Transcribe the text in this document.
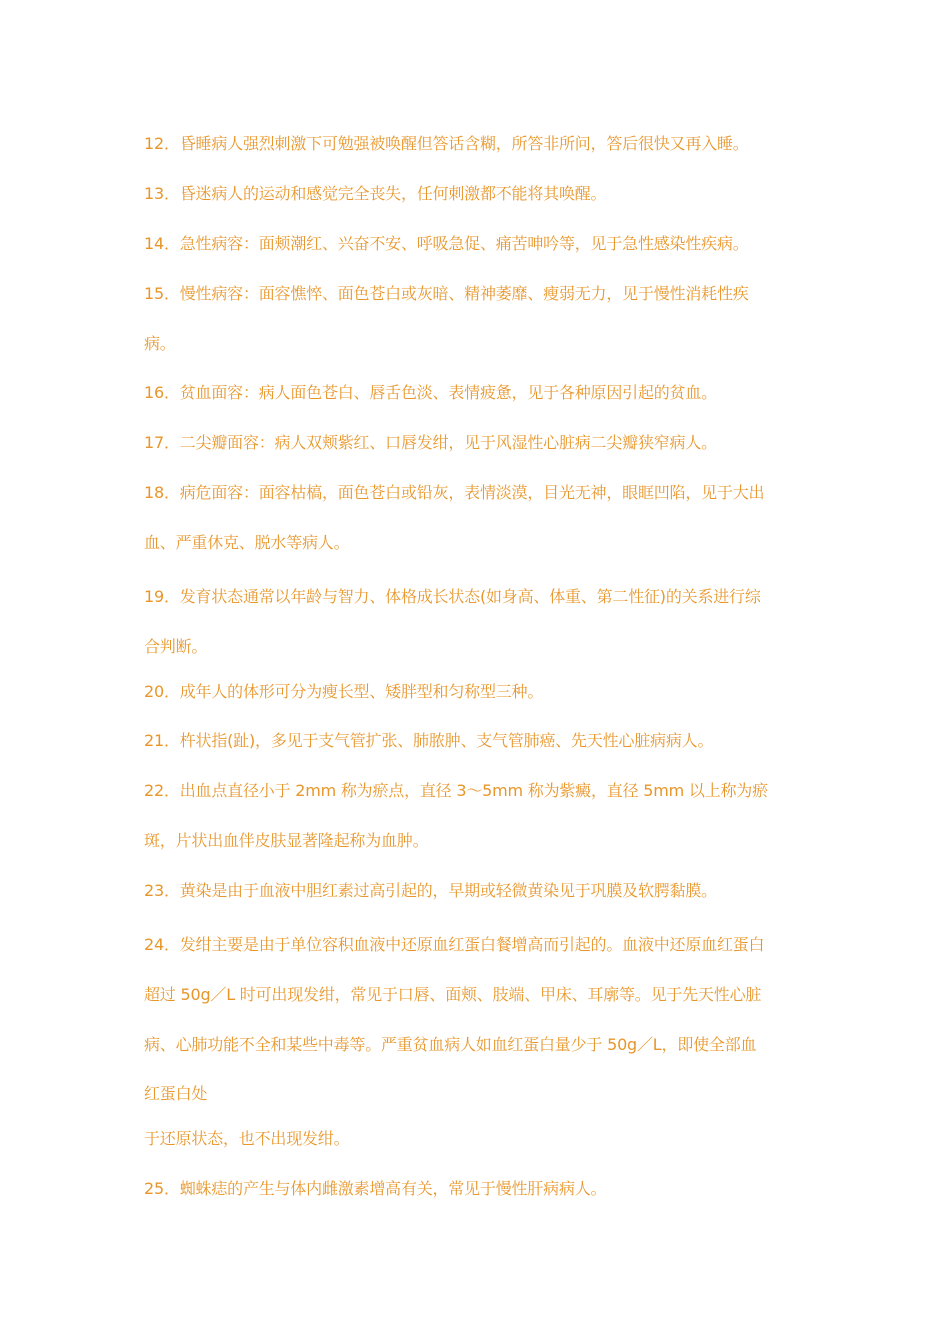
12．昏睡病人强烈刺激下可勉强被唤醒但答话含糊，所答非所问，答后很快又再入睡。
13．昏迷病人的运动和感觉完全丧失，任何刺激都不能将其唤醒。
14．急性病容：面颊潮红、兴奋不安、呼吸急促、痛苦呻吟等，见于急性感染性疾病。
15．慢性病容：面容憔悴、面色苍白或灰暗、精神萎靡、瘦弱无力，见于慢性消耗性疾
病。
16．贫血面容：病人面色苍白、唇舌色淡、表情疲惫，见于各种原因引起的贫血。
17．二尖瓣面容：病人双颊紫红、口唇发绀，见于风湿性心脏病二尖瓣狭窄病人。
18．病危面容：面容枯槁，面色苍白或铅灰，表情淡漠，目光无神，眼眶凹陷，见于大出
血、严重休克、脱水等病人。
19．发育状态通常以年龄与智力、体格成长状态(如身高、体重、第二性征)的关系进行综
合判断。
20．成年人的体形可分为瘦长型、矮胖型和匀称型三种。
21．杵状指(趾)，多见于支气管扩张、肺脓肿、支气管肺癌、先天性心脏病病人。
22．出血点直径小于 2mm 称为瘀点，直径 3～5mm 称为紫癜，直径 5mm 以上称为瘀
斑，片状出血伴皮肤显著隆起称为血肿。
23．黄染是由于血液中胆红素过高引起的，早期或轻微黄染见于巩膜及软腭黏膜。
24．发绀主要是由于单位容积血液中还原血红蛋白餐增高而引起的。血液中还原血红蛋白
超过 50g／L 时可出现发绀，常见于口唇、面颊、肢端、甲床、耳廓等。见于先天性心脏
病、心肺功能不全和某些中毒等。严重贫血病人如血红蛋白量少于 50g／L，即使全部血
红蛋白处
于还原状态，也不出现发绀。
25．蜘蛛痣的产生与体内雌激素增高有关，常见于慢性肝病病人。
